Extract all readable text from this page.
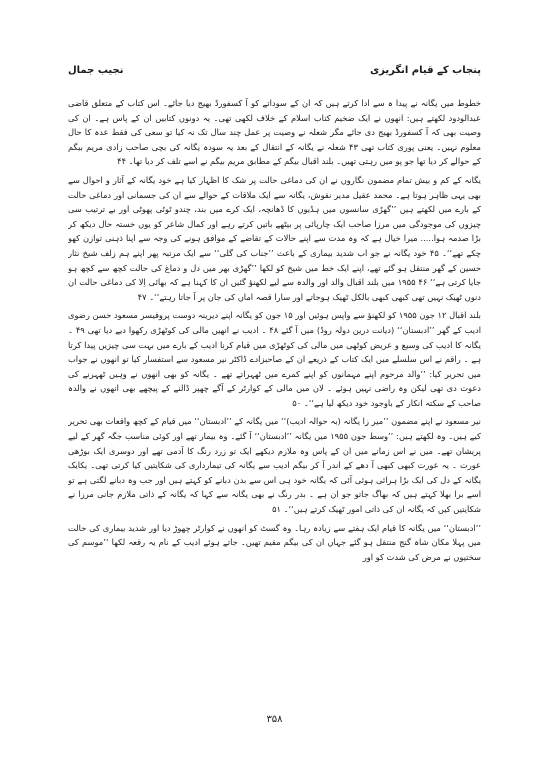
پنجاب کے قیام انگریزی
نجیب جمال

خطوط میں یگانہ نے پیدا ہ سے ادا کرتے ہیں کہ ان کے سوداتے کو آ کسفورڈ بھیج دیا جائے۔ اس کتاب کے متعلق قاضی عبدالودود لکھتے ہیں: انھوں نے ایک ضخیم کتاب اسلام کے خلاف لکھی تھی۔ یہ دونوں کتابیں ان کے پاس ہے۔ ان کی وصیت بھی کہ آ کسفورڈ بھیج دی جائے مگر شعلہ نے وصیت پر عمل چند سال تک نہ کیا تو سعی کی فقط عدہ کا حال معلوم نہیں۔ یعنی پوری کتاب تھی ۴۳ شعلہ نے یگانہ کے انتقال کے بعد یہ سودہ یگانہ کی بچی صاحب زادی مریم بیگم کے حوالے کر دیا تھا جو پو میں رہتی تھیں۔ بلند اقبال بیگم کے مطابق مریم بیگم نے اسے تلف کر دیا تھا۔ ۴۴

یگانہ کے کم و بیش تمام مضمون نگاروں نے ان کی دماغی حالت پر شک کا اظہار کیا ہے خود یگانہ کے آثار و احوال سے بھی یہی ظاہر ہوتا ہے۔ محمد عقیل مدیر نقوش، یگانہ سے ایک ملاقات کے حوالے سے ان کی جسمانی اور دماغی حالت کے بارے میں لکھتے ہیں ’’گھڑی سانسوں میں ہڈیوں کا ڈھانچہ، ایک کرے میں بند، چندو ٹوٹی پھوٹی اور بے ترتیب سی چیزوں کی موجودگی میں مرزا صاحب ایک چارپائی پر بیٹھے باتیں کرتے رہے اور کمال شاعر کو یوں خستہ حال دیکھ کر بڑا صدمہ ہوا..... میرا خیال ہے کہ وہ مدت سے اپنے حالات کے تقاضے کے موافق ہونے کی وجہ سے اپنا ذہنی توازن کھو چکے تھے‘‘۔ ۴۵ خود یگانہ نے جو اب شدید بیماری کے باعث ’’جناب کی گلی‘‘ سے ایک مرتبہ پھر اپنے ہم زلف شیخ نثار حسین کے گھر منتقل ہو گئے تھے، اپنے ایک خط میں شیخ کو لکھا ’’گھڑی بھر میں دل و دماغ کی حالت کچھ سے کچھ ہو جایا کرتی ہے‘‘ ۴۶ ۱۹۵۵ میں بلند اقبال والد اور والدہ سے لیے لکھنؤ گئیں ان کا کہنا ہے کہ بھائی اِلا کی دماغی حالت ان دنوں ٹھیک نہیں تھی کبھی کبھی بالکل ٹھیک ہوجاتے اور سارا قصہ اماں کی جان پر آ جاتا رہتے‘‘۔ ۴۷

بلند اقبال ۱۲ جون ۱۹۵۵ کو لکھنؤ سے واپس ہوئیں اور ۱۵ جون کو یگانہ اپنے دیرینہ دوست پروفیسر مسعود حسن رضوی ادیب کے گھر ’’ادبستان‘‘ (دیانت درین دولہ روڈ) میں آ گئے ۴۸ ۔ ادیب نے انھیں مالی کی کوٹھڑی رکھوا دیے دیا تھی ۴۹ ۔ یگانہ کا ادیب کی وسیع و عریض کوٹھی میں مالی کی کوٹھڑی میں قیام کرنا ادیب کے بارے میں بہت سی چیزیں پیدا کرتا ہے ۔ راقم نے اس سلسلے میں ایک کتاب کے ذریعے ان کے صاحبزادے ڈاکٹر نیر مسعود سے استفسار کیا تو انھوں نے جواب میں تحریر کیا: ’’والد مرحوم اپنے مہمانوں کو اپنے کمرے میں ٹھہراتے تھے ۔ یگانہ کو بھی انھوں نے وہیں ٹھہرنے کی دعوت دی تھی لیکن وہ راضی نہیں ہوئے ۔ لان میں مالی کے کوارٹر کے آگے چھپر ڈالنے کے پیچھے بھی انھوں نے والدہ صاحب کے سکتہ انکار کے باوجود خود دیکھ لیا ہے‘‘۔ ۵۰

نیر مسعود نے اپنے مضمون ’’میر زا یگانہ (بہ حوالہ ادیب)‘‘ میں یگانہ کے ’’ادبستان‘‘ میں قیام کے کچھ واقعات بھی تحریر کیے ہیں۔ وہ لکھتے ہیں: ’’وسط جون ۱۹۵۵ میں یگانہ ’’ادبستان‘‘ آ گئے۔ وہ بیمار تھے اور کوئی مناسب جگہ گھر کے لیے پریشان تھے۔ میں نے اس زمانے میں ان کے پاس وہ ملازم دیکھے ایک تو زرد رنگ کا آدمی تھے اور دوسری ایک بوڑھی عورت ۔ یہ عورت کبھی کبھی آ دھے کے اندر آ کر بیگم ادیب سے یگانہ کی تیمارداری کی شکایتیں کیا کرتی تھی۔ یکایک یگانہ کے دل کی ایک بڑا ہرائی ہوئی آئی کہ یگانہ خود ہی اس سے بدن دبانے کو کہتے ہیں اور جب وہ دبانے لگتی ہے تو اسے برا بھلا کہتے ہیں کہ بھاگ جاتو جو ان ہے ۔ بدر رنگ نے بھی یگانہ سے کہا کہ یگانہ کے ذاتی ملازم جانی مرزا نے شکایتیں کیں کہ یگانہ ان کی ذاتی امور ٹھیک کرتے ہیں‘‘۔ ۵۱

’’ادبستان‘‘ میں یگانہ کا قیام ایک ہفتے سے زیادہ رہا۔ وہ گسٹ کو انھوں نے کوارٹر چھوڑ دیا اور شدید بیماری کی حالت میں پہلا مکان شاہ گنج منتقل ہو گئے جہاں ان کی بیگم مقیم تھیں۔ جاتے ہوئے ادیب کے نام یہ رقعہ لکھا ’’موسم کی سختیوں نے مرض کی شدت کو اور

۳۵۸
